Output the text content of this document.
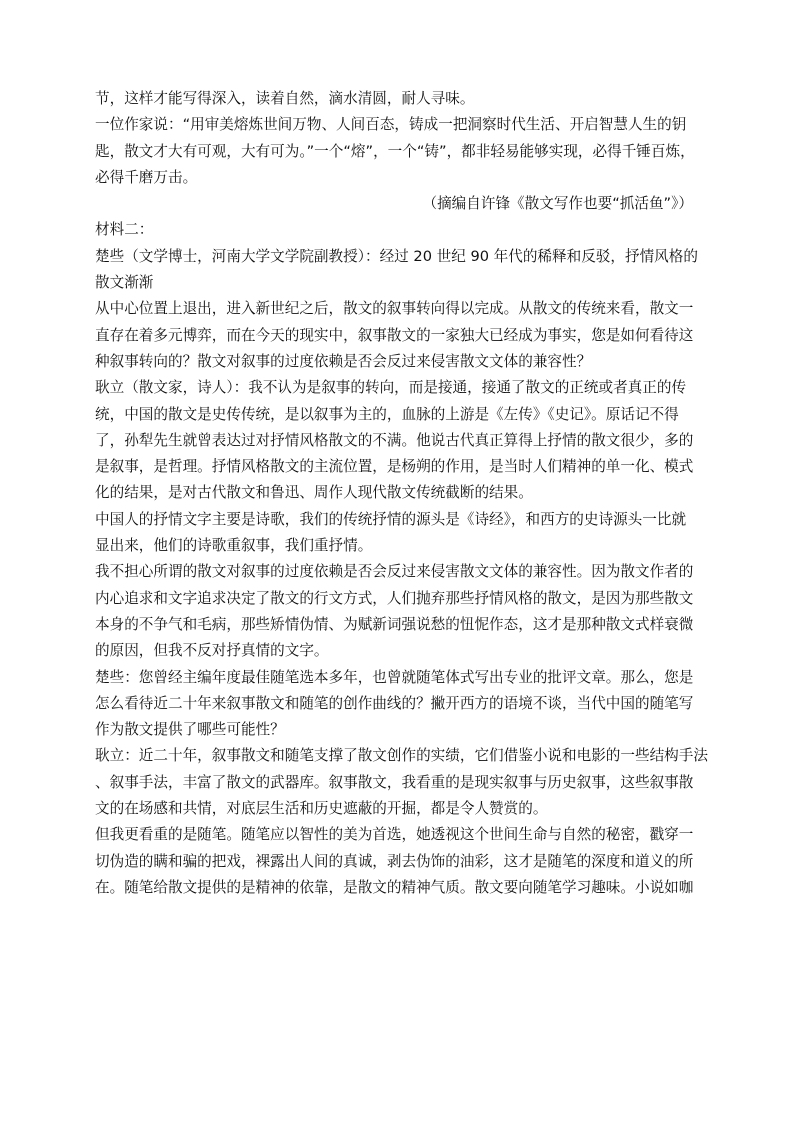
节，这样才能写得深入，读着自然，滴水清圆，耐人寻味。

一位作家说：“用审美熔炼世间万物、人间百态，铸成一把洞察时代生活、开启智慧人生的钥
匙，散文才大有可观，大有可为。”一个“熔”，一个“铸”，都非轻易能够实现，必得千锤百炼，
必得千磨万击。

（摘编自许锋《散文写作也要“抓活鱼”》）

材料二：

楚些（文学博士，河南大学文学院副教授）：经过 20 世纪 90 年代的稀释和反驳，抒情风格的
散文渐渐

从中心位置上退出，进入新世纪之后，散文的叙事转向得以完成。从散文的传统来看，散文一
直存在着多元博弈，而在今天的现实中，叙事散文的一家独大已经成为事实，您是如何看待这
种叙事转向的？散文对叙事的过度依赖是否会反过来侵害散文文体的兼容性？

耿立（散文家，诗人）：我不认为是叙事的转向，而是接通，接通了散文的正统或者真正的传
统，中国的散文是史传传统，是以叙事为主的，血脉的上游是《左传》《史记》。原话记不得
了，孙犁先生就曾表达过对抒情风格散文的不满。他说古代真正算得上抒情的散文很少，多的
是叙事，是哲理。抒情风格散文的主流位置，是杨朔的作用，是当时人们精神的单一化、模式
化的结果，是对古代散文和鲁迅、周作人现代散文传统截断的结果。

中国人的抒情文字主要是诗歌，我们的传统抒情的源头是《诗经》，和西方的史诗源头一比就
显出来，他们的诗歌重叙事，我们重抒情。

我不担心所谓的散文对叙事的过度依赖是否会反过来侵害散文文体的兼容性。因为散文作者的
内心追求和文字追求决定了散文的行文方式，人们抛弃那些抒情风格的散文，是因为那些散文
本身的不争气和毛病，那些矫情伪情、为赋新词强说愁的忸怩作态，这才是那种散文式样衰微
的原因，但我不反对抒真情的文字。

楚些：您曾经主编年度最佳随笔选本多年，也曾就随笔体式写出专业的批评文章。那么，您是
怎么看待近二十年来叙事散文和随笔的创作曲线的？撇开西方的语境不谈，当代中国的随笔写
作为散文提供了哪些可能性？

耿立：近二十年，叙事散文和随笔支撑了散文创作的实绩，它们借鉴小说和电影的一些结构手法
、叙事手法，丰富了散文的武器库。叙事散文，我看重的是现实叙事与历史叙事，这些叙事散
文的在场感和共情，对底层生活和历史遮蔽的开掘，都是令人赞赏的。

但我更看重的是随笔。随笔应以智性的美为首选，她透视这个世间生命与自然的秘密，戳穿一
切伪造的瞒和骗的把戏，裸露出人间的真诚，剥去伪饰的油彩，这才是随笔的深度和道义的所
在。随笔给散文提供的是精神的依靠，是散文的精神气质。散文要向随笔学习趣味。小说如咖
